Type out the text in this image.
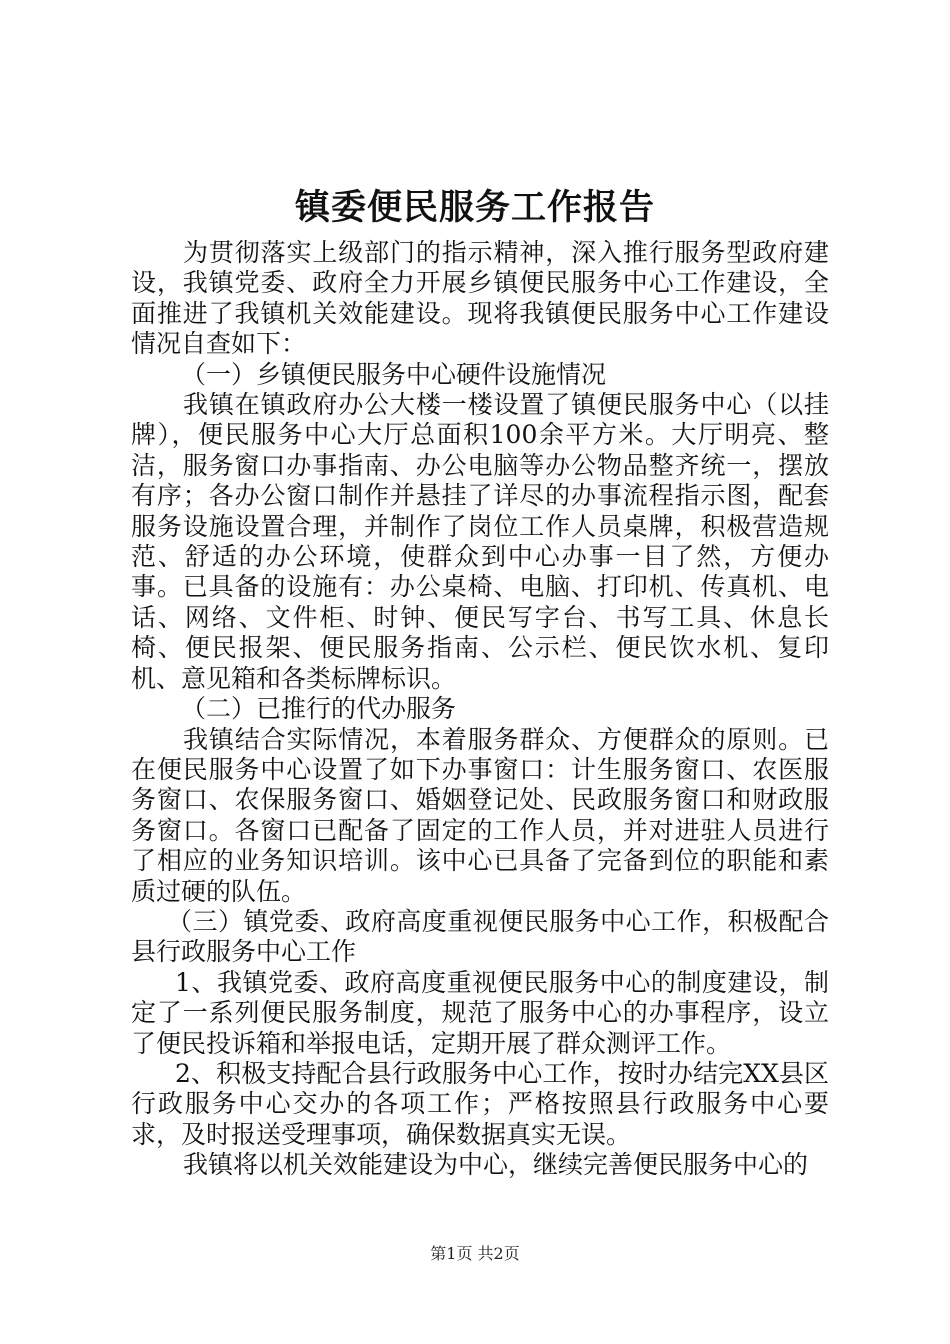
镇委便民服务工作报告

为贯彻落实上级部门的指示精神，深入推行服务型政府建设，我镇党委、政府全力开展乡镇便民服务中心工作建设，全面推进了我镇机关效能建设。现将我镇便民服务中心工作建设情况自查如下：

（一）乡镇便民服务中心硬件设施情况

我镇在镇政府办公大楼一楼设置了镇便民服务中心（以挂牌），便民服务中心大厅总面积100余平方米。大厅明亮、整洁，服务窗口办事指南、办公电脑等办公物品整齐统一，摆放有序；各办公窗口制作并悬挂了详尽的办事流程指示图，配套服务设施设置合理，并制作了岗位工作人员桌牌，积极营造规范、舒适的办公环境，使群众到中心办事一目了然，方便办事。已具备的设施有：办公桌椅、电脑、打印机、传真机、电话、网络、文件柜、时钟、便民写字台、书写工具、休息长椅、便民报架、便民服务指南、公示栏、便民饮水机、复印机、意见箱和各类标牌标识。

（二）已推行的代办服务

我镇结合实际情况，本着服务群众、方便群众的原则。已在便民服务中心设置了如下办事窗口：计生服务窗口、农医服务窗口、农保服务窗口、婚姻登记处、民政服务窗口和财政服务窗口。各窗口已配备了固定的工作人员，并对进驻人员进行了相应的业务知识培训。该中心已具备了完备到位的职能和素质过硬的队伍。

（三）镇党委、政府高度重视便民服务中心工作，积极配合县行政服务中心工作

1、我镇党委、政府高度重视便民服务中心的制度建设，制定了一系列便民服务制度，规范了服务中心的办事程序，设立了便民投诉箱和举报电话，定期开展了群众测评工作。

2、积极支持配合县行政服务中心工作，按时办结完XX县区行政服务中心交办的各项工作；严格按照县行政服务中心要求，及时报送受理事项，确保数据真实无误。

我镇将以机关效能建设为中心，继续完善便民服务中心的

第1页 共2页
